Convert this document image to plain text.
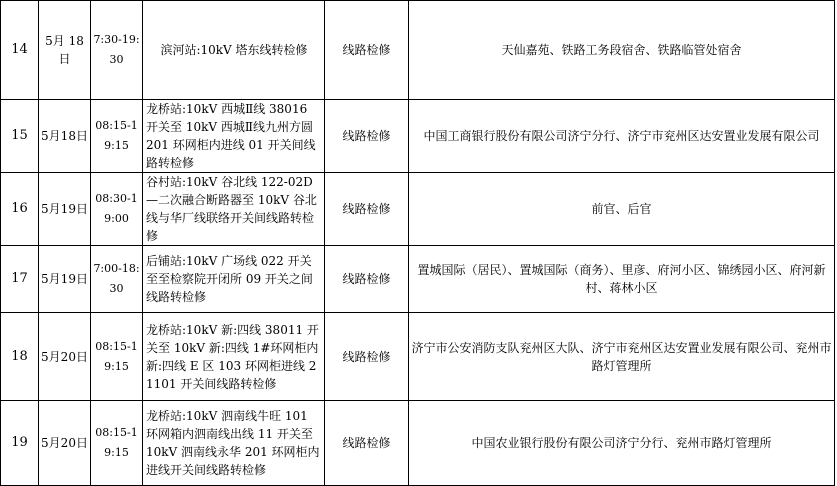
14	5月 18日	7:30-19:30	滨河站:10kV 塔东线转检修	线路检修	天仙嘉苑、铁路工务段宿舍、铁路临管处宿舍
15	5月18日	08:15-19:15	龙桥站:10kV 西城Ⅱ线 38016 开关至 10kV 西城Ⅱ线九州方圆 201 环网柜内进线 01 开关间线路转检修	线路检修	中国工商银行股份有限公司济宁分行、济宁市兖州区达安置业发展有限公司
16	5月19日	08:30-19:00	谷村站:10kV 谷北线 122-02D—二次融合断路器至 10kV 谷北线与华厂线联络开关间线路转检修	线路检修	前官、后官
17	5月19日	7:00-18:30	后铺站:10kV 广场线 022 开关至至检察院开闭所 09 开关之间线路转检修	线路检修	置城国际（居民）、置城国际（商务）、里彦、府河小区、锦绣园小区、府河新村、蒋林小区
18	5月20日	08:15-19:15	龙桥站:10kV 新:四线 38011 开关至 10kV 新:四线 1#环网柜内新:四线 E 区 103 环网柜进线 21101 开关间线路转检修	线路检修	济宁市公安消防支队兖州区大队、济宁市兖州区达安置业发展有限公司、兖州市路灯管理所
19	5月20日	08:15-19:15	龙桥站:10kV 泗南线牛旺 101 环网箱内泗南线出线 11 开关至 10kV 泗南线永华 201 环网柜内进线开关间线路转检修	线路检修	中国农业银行股份有限公司济宁分行、兖州市路灯管理所
